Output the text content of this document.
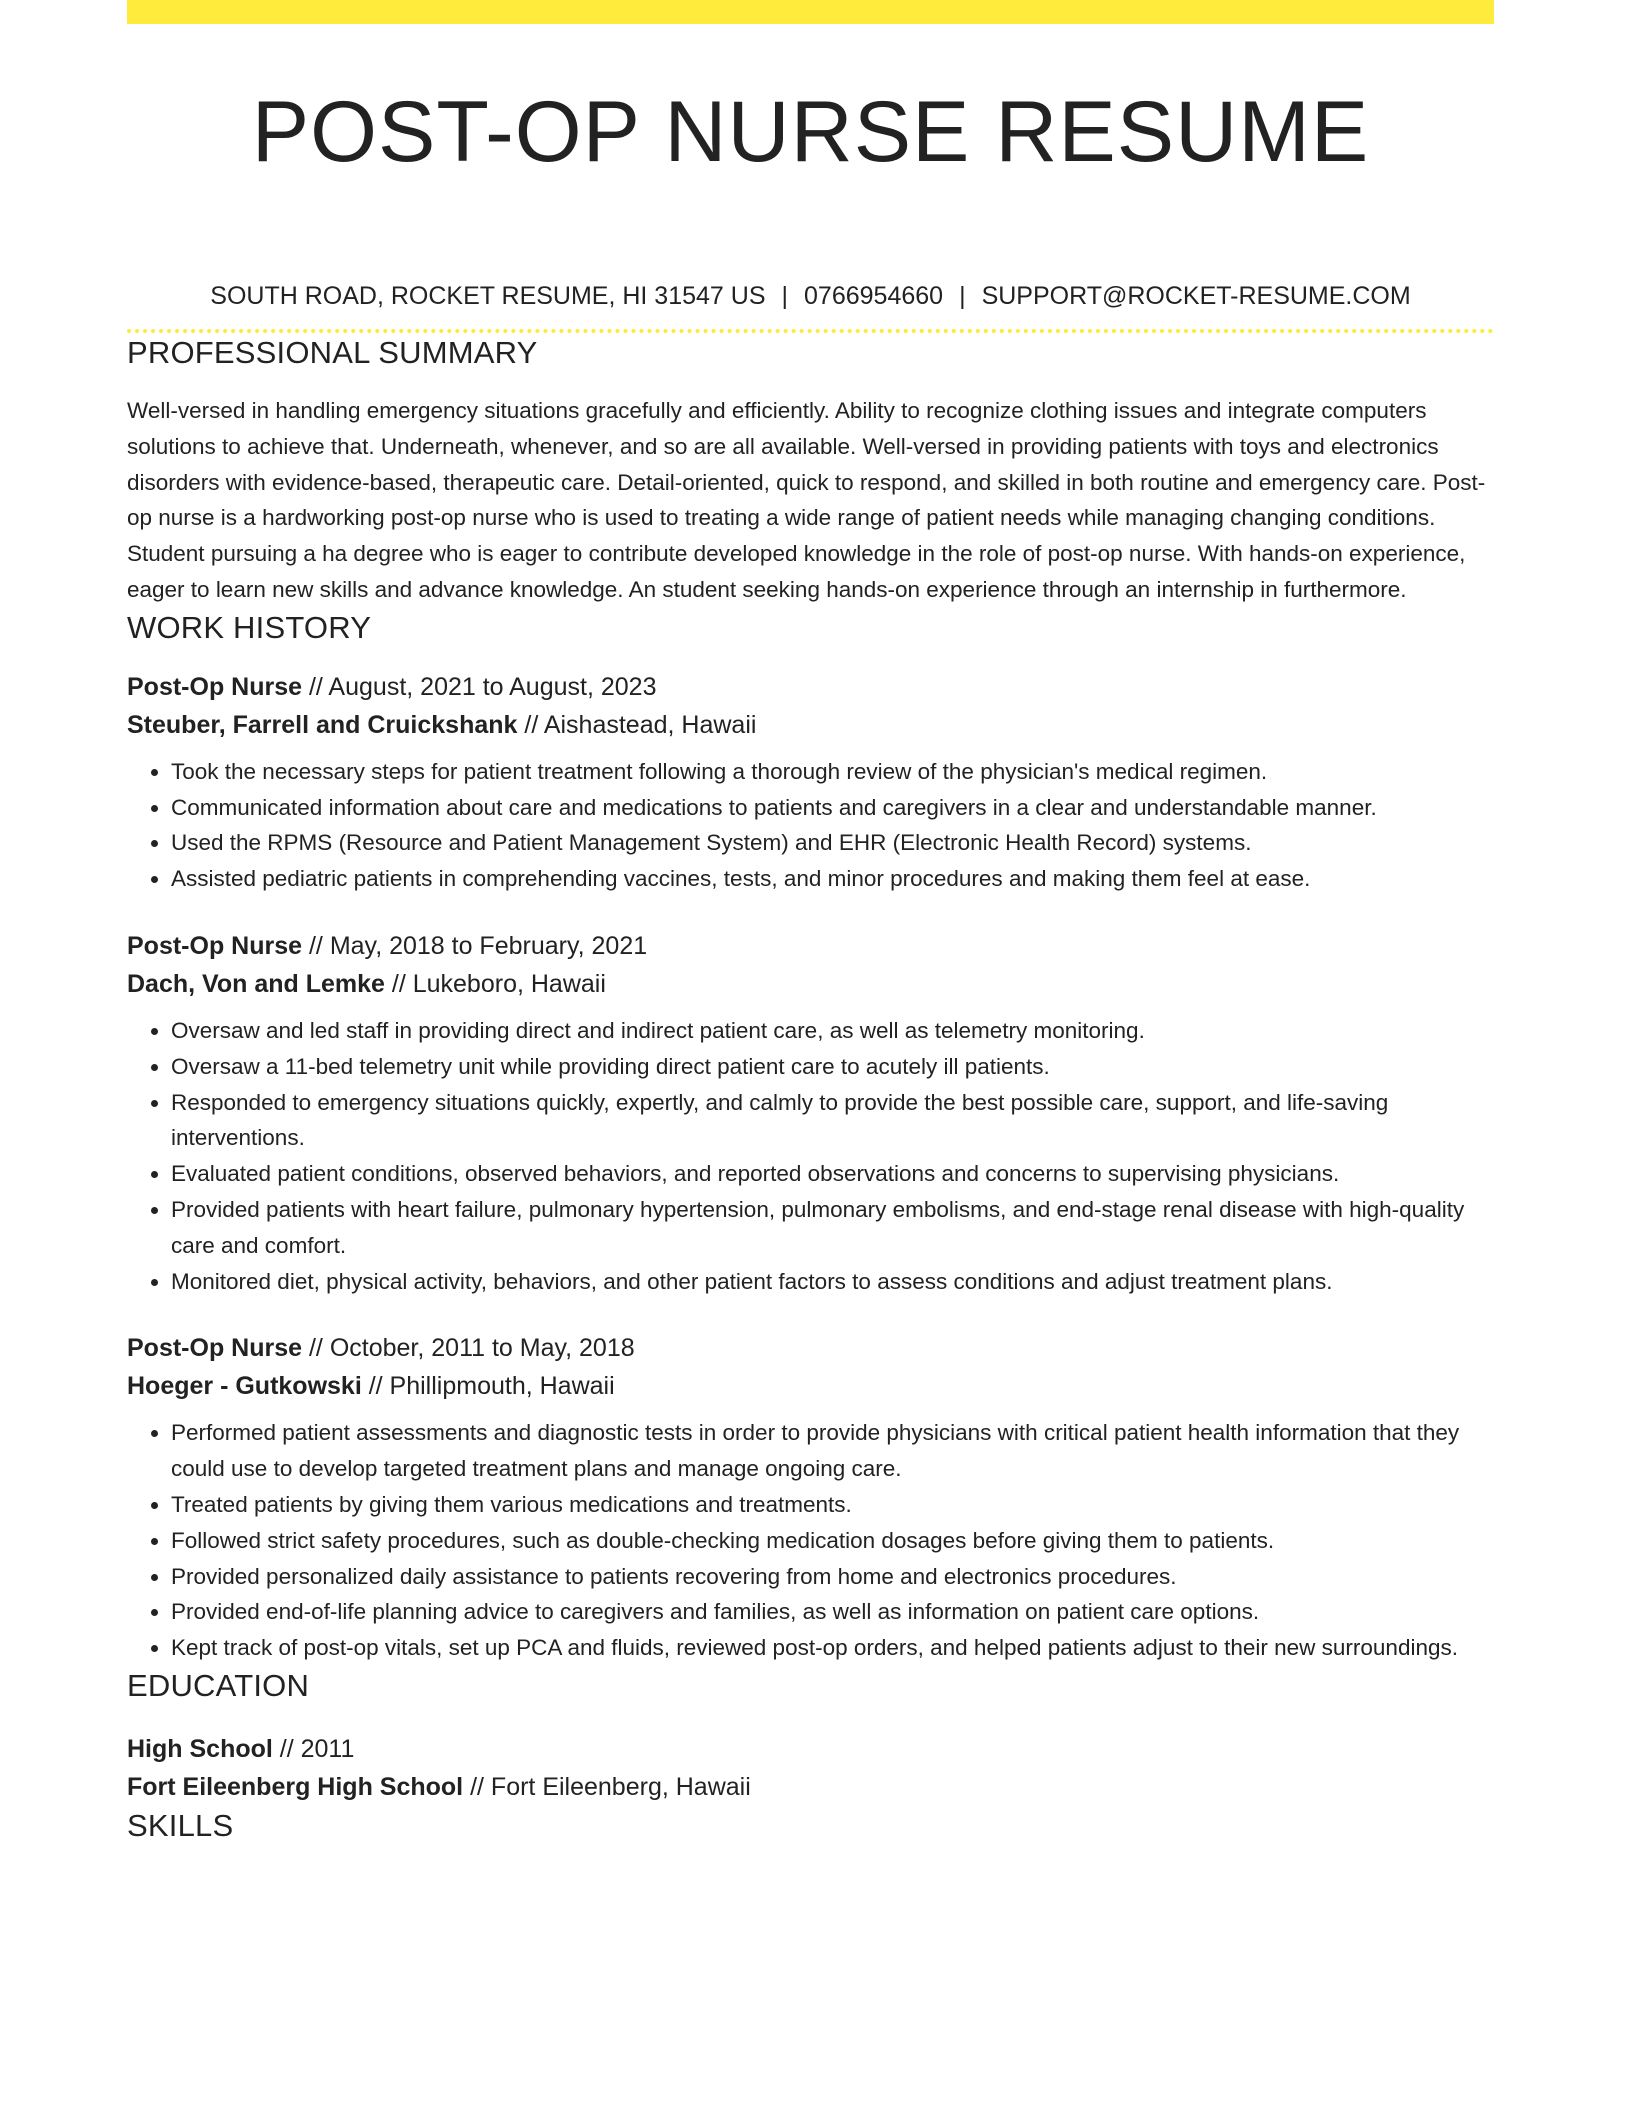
POST-OP NURSE RESUME
SOUTH ROAD, ROCKET RESUME, HI 31547 US | 0766954660 | SUPPORT@ROCKET-RESUME.COM
PROFESSIONAL SUMMARY

Well-versed in handling emergency situations gracefully and efficiently. Ability to recognize clothing issues and integrate computers solutions to achieve that. Underneath, whenever, and so are all available. Well-versed in providing patients with toys and electronics disorders with evidence-based, therapeutic care. Detail-oriented, quick to respond, and skilled in both routine and emergency care. Post-op nurse is a hardworking post-op nurse who is used to treating a wide range of patient needs while managing changing conditions. Student pursuing a ha degree who is eager to contribute developed knowledge in the role of post-op nurse. With hands-on experience, eager to learn new skills and advance knowledge. An student seeking hands-on experience through an internship in furthermore.

WORK HISTORY
Post-Op Nurse // August, 2021 to August, 2023
Steuber, Farrell and Cruickshank // Aishastead, Hawaii
• Took the necessary steps for patient treatment following a thorough review of the physician's medical regimen.
• Communicated information about care and medications to patients and caregivers in a clear and understandable manner.
• Used the RPMS (Resource and Patient Management System) and EHR (Electronic Health Record) systems.
• Assisted pediatric patients in comprehending vaccines, tests, and minor procedures and making them feel at ease.
Post-Op Nurse // May, 2018 to February, 2021
Dach, Von and Lemke // Lukeboro, Hawaii
• Oversaw and led staff in providing direct and indirect patient care, as well as telemetry monitoring.
• Oversaw a 11-bed telemetry unit while providing direct patient care to acutely ill patients.
• Responded to emergency situations quickly, expertly, and calmly to provide the best possible care, support, and life-saving interventions.
• Evaluated patient conditions, observed behaviors, and reported observations and concerns to supervising physicians.
• Provided patients with heart failure, pulmonary hypertension, pulmonary embolisms, and end-stage renal disease with high-quality care and comfort.
• Monitored diet, physical activity, behaviors, and other patient factors to assess conditions and adjust treatment plans.
Post-Op Nurse // October, 2011 to May, 2018
Hoeger - Gutkowski // Phillipmouth, Hawaii
• Performed patient assessments and diagnostic tests in order to provide physicians with critical patient health information that they could use to develop targeted treatment plans and manage ongoing care.
• Treated patients by giving them various medications and treatments.
• Followed strict safety procedures, such as double-checking medication dosages before giving them to patients.
• Provided personalized daily assistance to patients recovering from home and electronics procedures.
• Provided end-of-life planning advice to caregivers and families, as well as information on patient care options.
• Kept track of post-op vitals, set up PCA and fluids, reviewed post-op orders, and helped patients adjust to their new surroundings.
EDUCATION
High School // 2011
Fort Eileenberg High School // Fort Eileenberg, Hawaii
SKILLS
